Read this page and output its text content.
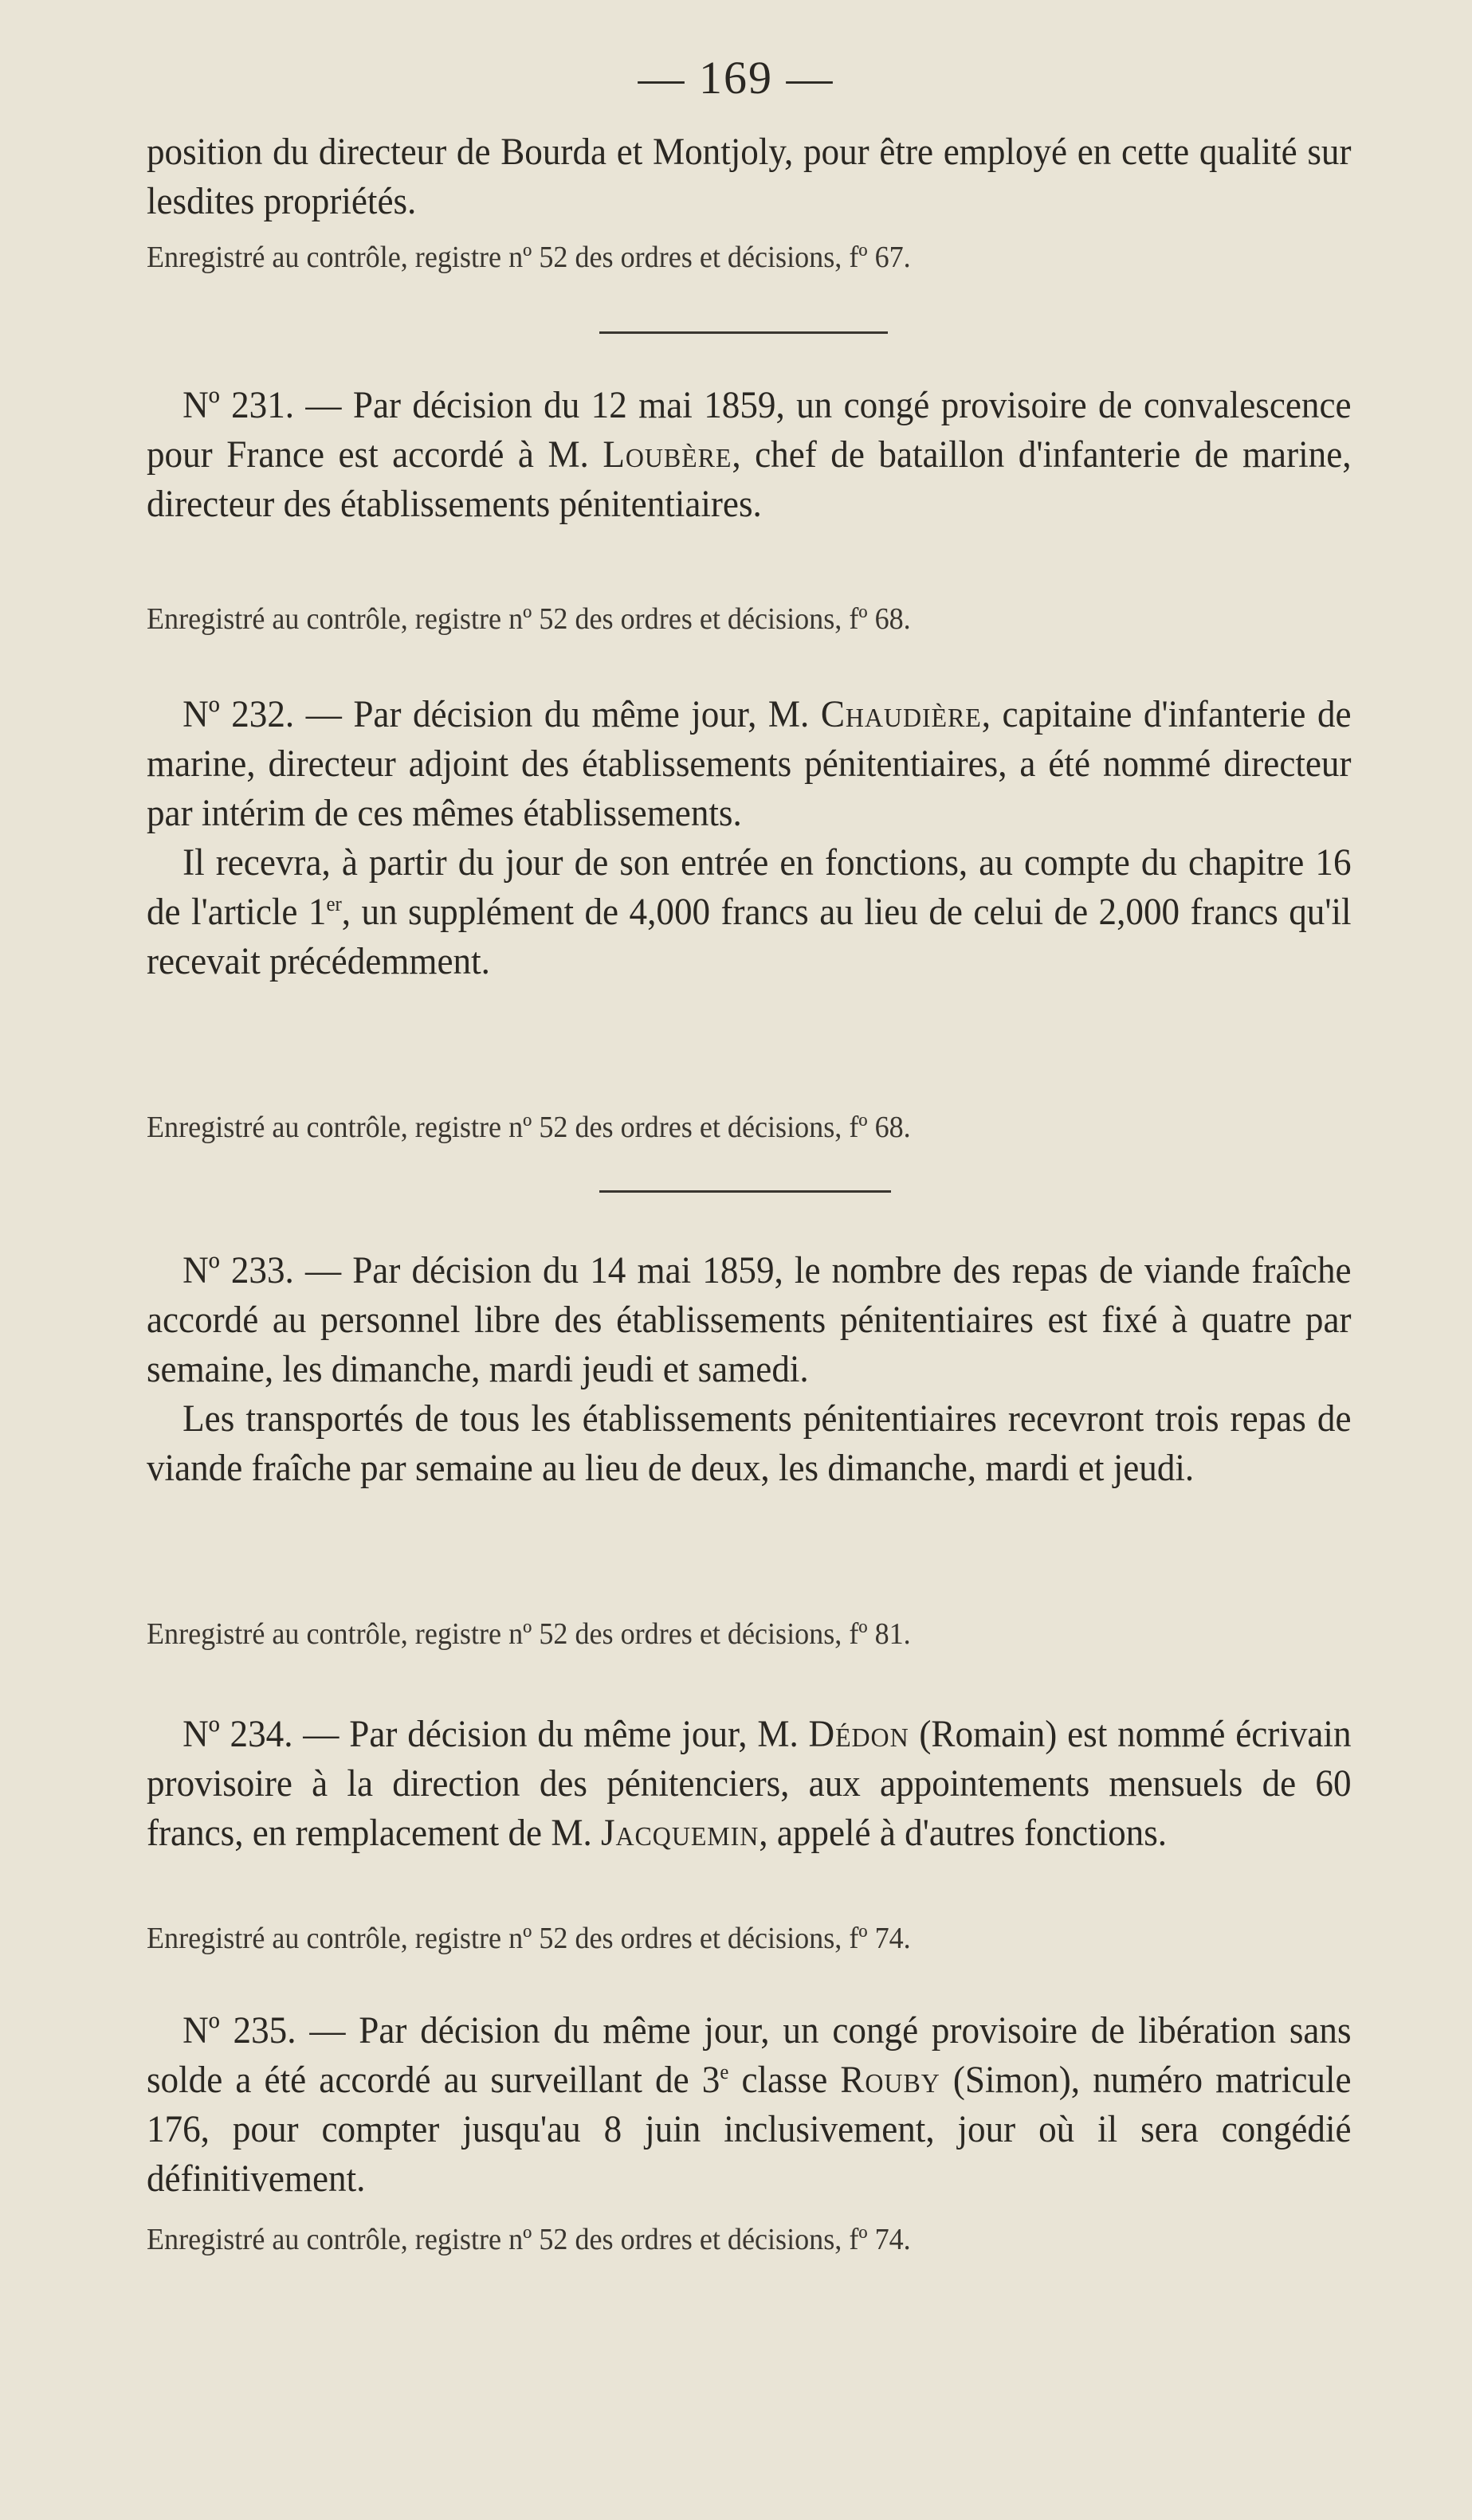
— 169 —

position du directeur de Bourda et Montjoly, pour être employé en cette qualité sur lesdites propriétés.

Enregistré au contrôle, registre nº 52 des ordres et décisions, fº 67.

Nº 231. — Par décision du 12 mai 1859, un congé provisoire de convalescence pour France est accordé à M. Loubère, chef de bataillon d'infanterie de marine, directeur des établissements pénitentiaires.

Enregistré au contrôle, registre nº 52 des ordres et décisions, fº 68.

Nº 232. — Par décision du même jour, M. Chaudière, capitaine d'infanterie de marine, directeur adjoint des établissements pénitentiaires, a été nommé directeur par intérim de ces mêmes établissements.

Il recevra, à partir du jour de son entrée en fonctions, au compte du chapitre 16 de l'article 1er, un supplément de 4,000 francs au lieu de celui de 2,000 francs qu'il recevait précédemment.

Enregistré au contrôle, registre nº 52 des ordres et décisions, fº 68.

Nº 233. — Par décision du 14 mai 1859, le nombre des repas de viande fraîche accordé au personnel libre des établissements pénitentiaires est fixé à quatre par semaine, les dimanche, mardi jeudi et samedi.

Les transportés de tous les établissements pénitentiaires recevront trois repas de viande fraîche par semaine au lieu de deux, les dimanche, mardi et jeudi.

Enregistré au contrôle, registre nº 52 des ordres et décisions, fº 81.

Nº 234. — Par décision du même jour, M. Dédon (Romain) est nommé écrivain provisoire à la direction des pénitenciers, aux appointements mensuels de 60 francs, en remplacement de M. Jacquemin, appelé à d'autres fonctions.

Enregistré au contrôle, registre nº 52 des ordres et décisions, fº 74.

Nº 235. — Par décision du même jour, un congé provisoire de libération sans solde a été accordé au surveillant de 3e classe Rouby (Simon), numéro matricule 176, pour compter jusqu'au 8 juin inclusivement, jour où il sera congédié définitivement.

Enregistré au contrôle, registre nº 52 des ordres et décisions, fº 74.
